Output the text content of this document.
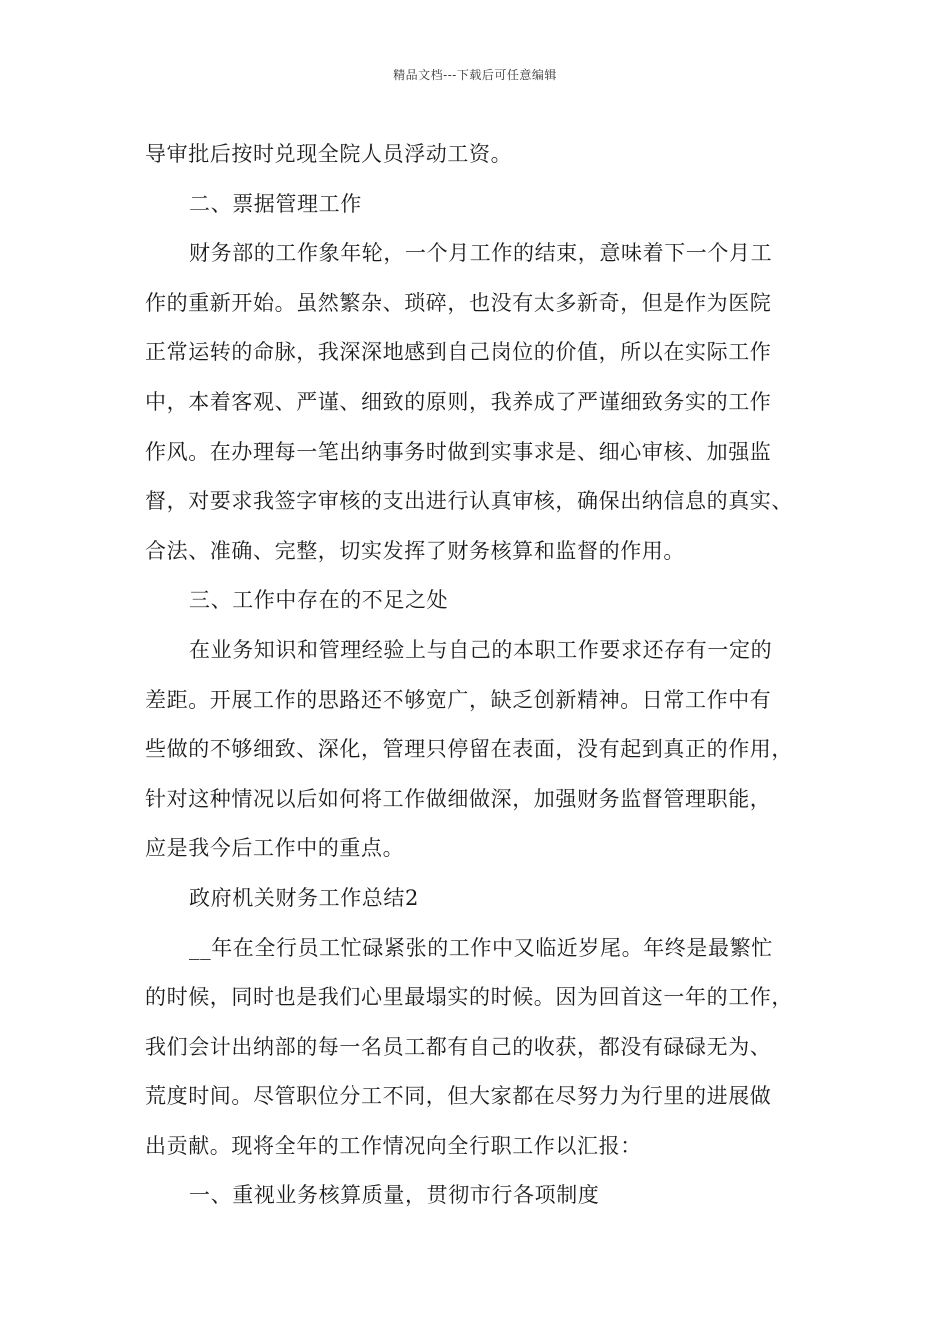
精品文档---下载后可任意编辑
导审批后按时兑现全院人员浮动工资。
二、票据管理工作
财务部的工作象年轮，一个月工作的结束，意味着下一个月工
作的重新开始。虽然繁杂、琐碎，也没有太多新奇，但是作为医院
正常运转的命脉，我深深地感到自己岗位的价值，所以在实际工作
中，本着客观、严谨、细致的原则，我养成了严谨细致务实的工作
作风。在办理每一笔出纳事务时做到实事求是、细心审核、加强监
督，对要求我签字审核的支出进行认真审核，确保出纳信息的真实、
合法、准确、完整，切实发挥了财务核算和监督的作用。
三、工作中存在的不足之处
在业务知识和管理经验上与自己的本职工作要求还存有一定的
差距。开展工作的思路还不够宽广，缺乏创新精神。日常工作中有
些做的不够细致、深化，管理只停留在表面，没有起到真正的作用，
针对这种情况以后如何将工作做细做深，加强财务监督管理职能，
应是我今后工作中的重点。
政府机关财务工作总结2
__年在全行员工忙碌紧张的工作中又临近岁尾。年终是最繁忙
的时候，同时也是我们心里最塌实的时候。因为回首这一年的工作，
我们会计出纳部的每一名员工都有自己的收获，都没有碌碌无为、
荒度时间。尽管职位分工不同，但大家都在尽努力为行里的进展做
出贡献。现将全年的工作情况向全行职工作以汇报：
一、重视业务核算质量，贯彻市行各项制度
